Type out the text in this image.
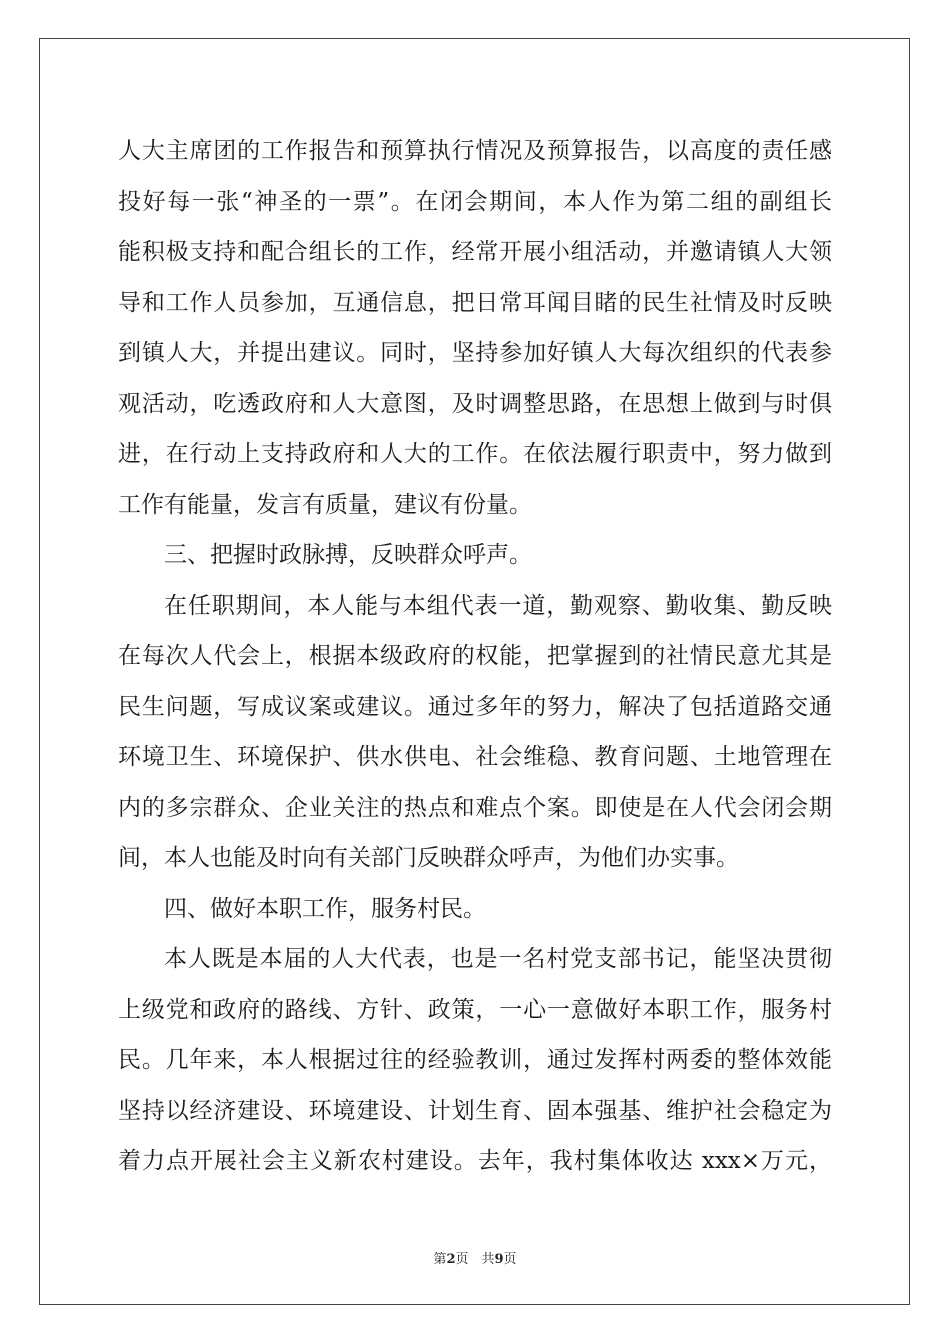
人大主席团的工作报告和预算执行情况及预算报告，以高度的责任感
投好每一张“神圣的一票”。在闭会期间，本人作为第二组的副组长
能积极支持和配合组长的工作，经常开展小组活动，并邀请镇人大领
导和工作人员参加，互通信息，把日常耳闻目睹的民生社情及时反映
到镇人大，并提出建议。同时，坚持参加好镇人大每次组织的代表参
观活动，吃透政府和人大意图，及时调整思路，在思想上做到与时俱
进，在行动上支持政府和人大的工作。在依法履行职责中，努力做到
工作有能量，发言有质量，建议有份量。
三、把握时政脉搏，反映群众呼声。
在任职期间，本人能与本组代表一道，勤观察、勤收集、勤反映
在每次人代会上，根据本级政府的权能，把掌握到的社情民意尤其是
民生问题，写成议案或建议。通过多年的努力，解决了包括道路交通
环境卫生、环境保护、供水供电、社会维稳、教育问题、土地管理在
内的多宗群众、企业关注的热点和难点个案。即使是在人代会闭会期
间，本人也能及时向有关部门反映群众呼声，为他们办实事。
四、做好本职工作，服务村民。
本人既是本届的人大代表，也是一名村党支部书记，能坚决贯彻
上级党和政府的路线、方针、政策，一心一意做好本职工作，服务村
民。几年来，本人根据过往的经验教训，通过发挥村两委的整体效能
坚持以经济建设、环境建设、计划生育、固本强基、维护社会稳定为
着力点开展社会主义新农村建设。去年，我村集体收达 xxx×万元，
第2页　共9页
